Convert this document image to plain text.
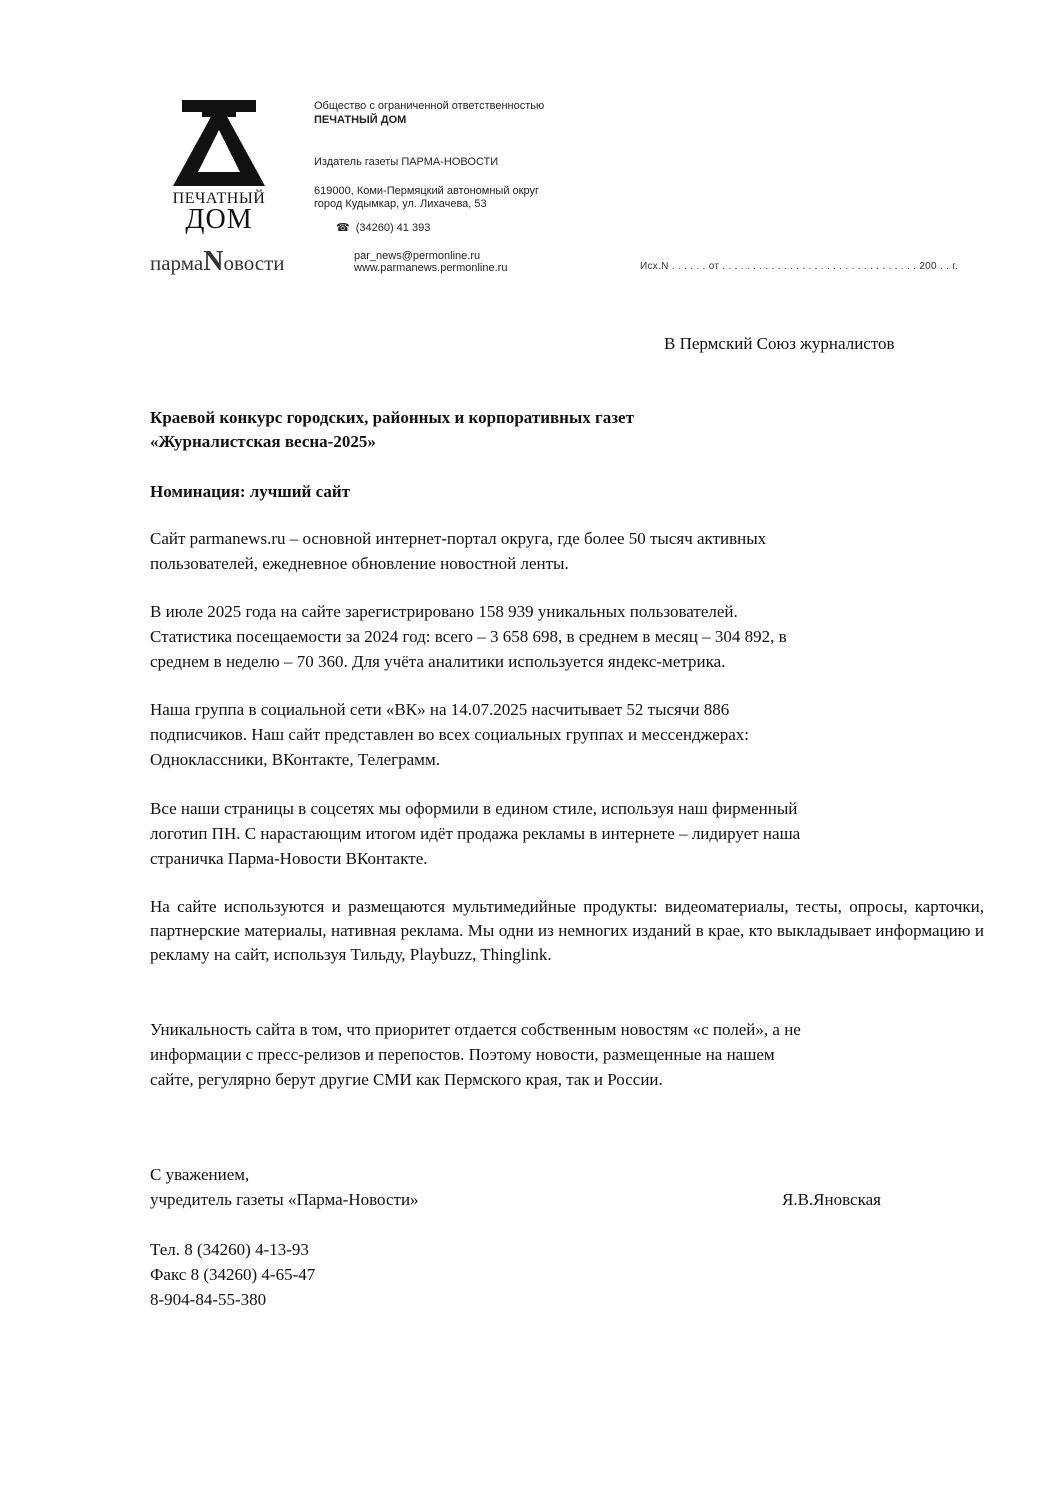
ПЕЧАТНЫЙ
ДОМ
пармаNовости
Общество с ограниченной ответственностью
ПЕЧАТНЫЙ ДОМ
Издатель газеты ПАРМА-НОВОСТИ
619000, Коми-Пермяцкий автономный округ
город Кудымкар, ул. Лихачева, 53
☎ (34260) 41 393
par_news@permonline.ru
www.parmanews.permonline.ru	Исх.N . . . . . . от . . . . . . . . . . . . . . . . . . . . . . . . . . . . . . . . 200 . . г.
В Пермский Союз журналистов
Краевой конкурс городских, районных и корпоративных газет
«Журналистская весна-2025»
Номинация: лучший сайт
Сайт parmanews.ru – основной интернет-портал округа, где более 50 тысяч активных
пользователей, ежедневное обновление новостной ленты.
В июле 2025 года на сайте зарегистрировано 158 939 уникальных пользователей.
Статистика посещаемости за 2024 год: всего – 3 658 698, в среднем в месяц – 304 892, в
среднем в неделю – 70 360. Для учёта аналитики используется яндекс-метрика.
Наша группа в социальной сети «ВК» на 14.07.2025 насчитывает 52 тысячи 886
подписчиков. Наш сайт представлен во всех социальных группах и мессенджерах:
Одноклассники, ВКонтакте, Телеграмм.
Все наши страницы в соцсетях мы оформили в едином стиле, используя наш фирменный
логотип ПН. С нарастающим итогом идёт продажа рекламы в интернете – лидирует наша
страничка Парма-Новости ВКонтакте.
На сайте используются и размещаются мультимедийные продукты: видеоматериалы, тесты, опросы, карточки, партнерские материалы, нативная реклама. Мы одни из немногих изданий в крае, кто выкладывает информацию и рекламу на сайт, используя Тильду, Playbuzz, Thinglink.
Уникальность сайта в том, что приоритет отдается собственным новостям «с полей», а не
информации с пресс-релизов и перепостов. Поэтому новости, размещенные на нашем
сайте, регулярно берут другие СМИ как Пермского края, так и России.
С уважением,
учредитель газеты «Парма-Новости»	Я.В.Яновская
Тел. 8 (34260) 4-13-93
Факс 8 (34260) 4-65-47
8-904-84-55-380
